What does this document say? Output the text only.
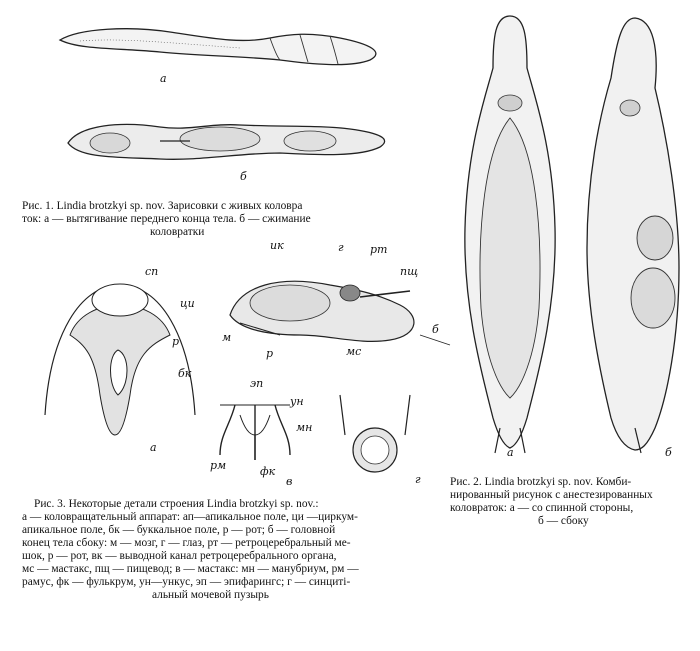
а
б
Рис. 1. Lindia brotzkyi sp. nov. Зарисовки с живых коловра
ток: а — вытягивание переднего конца тела. б — сжимание
коловратки
а	б
Рис. 2. Lindia brotzkyi sp. nov. Комби-
нированный рисунок с анестезированных
коловраток: а — со спинной стороны,
б — сбоку
сп
ци
р
бк
а
ик	г рт
пщ
б
м
р	мс
эп
ун
мн
рм	фк
в	г
Рис. 3. Некоторые детали строения Lindia brotzkyi sp. nov.:
а — коловращательный аппарат: ап—апикальное поле, ци —циркум-
апикальное поле, бк — буккальное поле, р — рот; б — головной
конец тела сбоку: м — мозг, г — глаз, рт — ретроцеребральный ме-
шок, р — рот, вк — выводной канал ретроцеребрального органа,
мс — мастакс, пщ — пищевод; в — мастакс: мн — манубриум, рм —
рамус, фк — фулькрум, ун—ункус, эп — эпифарингс; г — синциті-
альный мочевой пузырь
